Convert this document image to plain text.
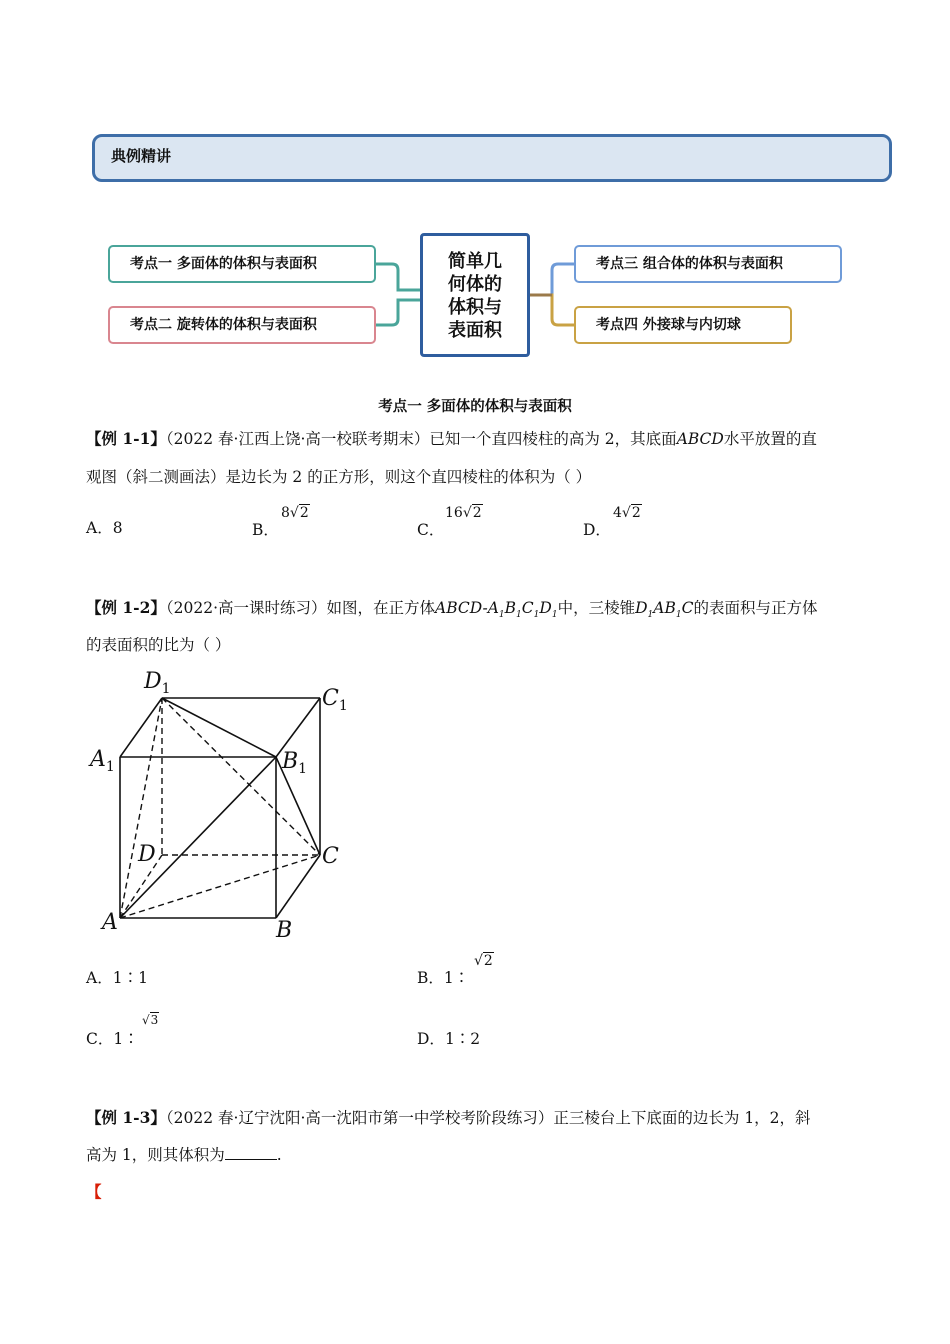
典例精讲
考点一 多面体的体积与表面积
考点二 旋转体的体积与表面积
考点三 组合体的体积与表面积
考点四 外接球与内切球
简单几
何体的
体积与
表面积
考点一 多面体的体积与表面积
【例 1-1】（2022 春·江西上饶·高一校联考期末）已知一个直四棱柱的高为 2，其底面ABCD水平放置的直
观图（斜二测画法）是边长为 2 的正方形，则这个直四棱柱的体积为（ ）
A．8	B．
8√2
C．
16√2
D．
4√2
【例 1-2】（2022·高一课时练习）如图，在正方体ABCD-$A_1B_1C_1D_1$中，三棱锥$D_1AB_1C$的表面积与正方体
的表面积的比为（ ）
$D_1$	$C_1$
$A_1$	$B_1$
D	C
A	B
A．1∶1	B．1∶
√2
C．1∶
√3
D．1∶2
【例 1-3】（2022 春·辽宁沈阳·高一沈阳市第一中学校考阶段练习）正三棱台上下底面的边长为 1，2，斜
高为 1，则其体积为	.
【
